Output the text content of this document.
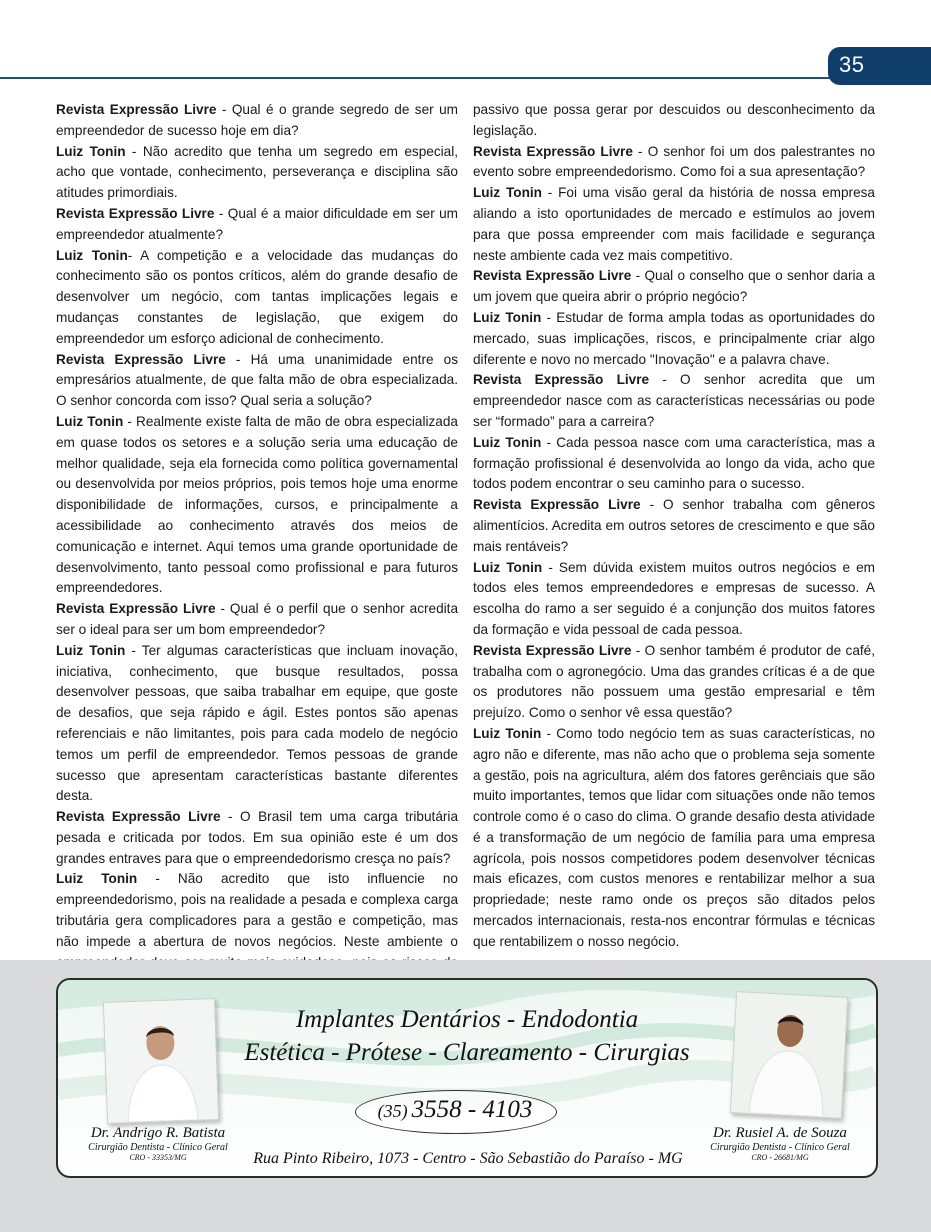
35

Revista Expressão Livre - Qual é o grande segredo de ser um empreendedor de sucesso hoje em dia?

Luiz Tonin - Não acredito que tenha um segredo em especial, acho que vontade, conhecimento, perseverança e disciplina são atitudes primordiais.

Revista Expressão Livre - Qual é a maior dificuldade em ser um empreendedor atualmente?

Luiz Tonin- A competição e a velocidade das mudanças do conhecimento são os pontos críticos, além do grande desafio de desenvolver um negócio, com tantas implicações legais e mudanças constantes de legislação, que exigem do empreendedor um esforço adicional de conhecimento.

Revista Expressão Livre - Há uma unanimidade entre os empresários atualmente, de que falta mão de obra especializada. O senhor concorda com isso? Qual seria a solução?

Luiz Tonin - Realmente existe falta de mão de obra especializada em quase todos os setores e a solução seria uma educação de melhor qualidade, seja ela fornecida como política governamental ou desenvolvida por meios próprios, pois temos hoje uma enorme disponibilidade de informações, cursos, e principalmente a acessibilidade ao conhecimento através dos meios de comunicação e internet. Aqui temos uma grande oportunidade de desenvolvimento, tanto pessoal como profissional e para futuros empreendedores.

Revista Expressão Livre - Qual é o perfil que o senhor acredita ser o ideal para ser um bom empreendedor?

Luiz Tonin - Ter algumas características que incluam inovação, iniciativa, conhecimento, que busque resultados, possa desenvolver pessoas, que saiba trabalhar em equipe, que goste de desafios, que seja rápido e ágil. Estes pontos são apenas referenciais e não limitantes, pois para cada modelo de negócio temos um perfil de empreendedor. Temos pessoas de grande sucesso que apresentam características bastante diferentes desta.

Revista Expressão Livre - O Brasil tem uma carga tributária pesada e criticada por todos. Em sua opinião este é um dos grandes entraves para que o empreendedorismo cresça no país?

Luiz Tonin - Não acredito que isto influencie no empreendedorismo, pois na realidade a pesada e complexa carga tributária gera complicadores para a gestão e competição, mas não impede a abertura de novos negócios. Neste ambiente o

passivo que possa gerar por descuidos ou desconhecimento da legislação.

Revista Expressão Livre - O senhor foi um dos palestrantes no evento sobre empreendedorismo. Como foi a sua apresentação?

Luiz Tonin - Foi uma visão geral da história de nossa empresa aliando a isto oportunidades de mercado e estímulos ao jovem para que possa empreender com mais facilidade e segurança neste ambiente cada vez mais competitivo.

Revista Expressão Livre - Qual o conselho que o senhor daria a um jovem que queira abrir o próprio negócio?

Luiz Tonin - Estudar de forma ampla todas as oportunidades do mercado, suas implicações, riscos, e principalmente criar algo diferente e novo no mercado "Inovação" e a palavra chave.

Revista Expressão Livre - O senhor acredita que um empreendedor nasce com as características necessárias ou pode ser “formado” para a carreira?

Luiz Tonin - Cada pessoa nasce com uma característica, mas a formação profissional é desenvolvida ao longo da vida, acho que todos podem encontrar o seu caminho para o sucesso.

Revista Expressão Livre - O senhor trabalha com gêneros alimentícios. Acredita em outros setores de crescimento e que são mais rentáveis?

Luiz Tonin - Sem dúvida existem muitos outros negócios e em todos eles temos empreendedores e empresas de sucesso. A escolha do ramo a ser seguido é a conjunção dos muitos fatores da formação e vida pessoal de cada pessoa.

Revista Expressão Livre - O senhor também é produtor de café, trabalha com o agronegócio. Uma das grandes críticas é a de que os produtores não possuem uma gestão empresarial e têm prejuízo. Como o senhor vê essa questão?

Luiz Tonin - Como todo negócio tem as suas características, no agro não e diferente, mas não acho que o problema seja somente a gestão, pois na agricultura, além dos fatores gerênciais que são muito importantes, temos que lidar com situações onde não temos controle como é o caso do clima. O grande desafio desta atividade é a transformação de um negócio de família para uma empresa agrícola, pois nossos competidores podem desenvolver técnicas mais eficazes, com custos menores e rentabilizar melhor a sua propriedade; neste ramo onde os preços são ditados pelos mercados internacionais, resta-nos encontrar fórmulas e técnicas que rentabilizem o nosso negócio.

Implantes Dentários - Endodontia
Estética - Prótese - Clareamento - Cirurgias
(35) 3558 - 4103
Dr. Andrigo R. Batista
Cirurgião Dentista - Clínico Geral
CRO - 33353/MG
Dr. Rusiel A. de Souza
Cirurgião Dentista - Clínico Geral
CRO - 26681/MG
Rua Pinto Ribeiro, 1073 - Centro - São Sebastião do Paraíso - MG
